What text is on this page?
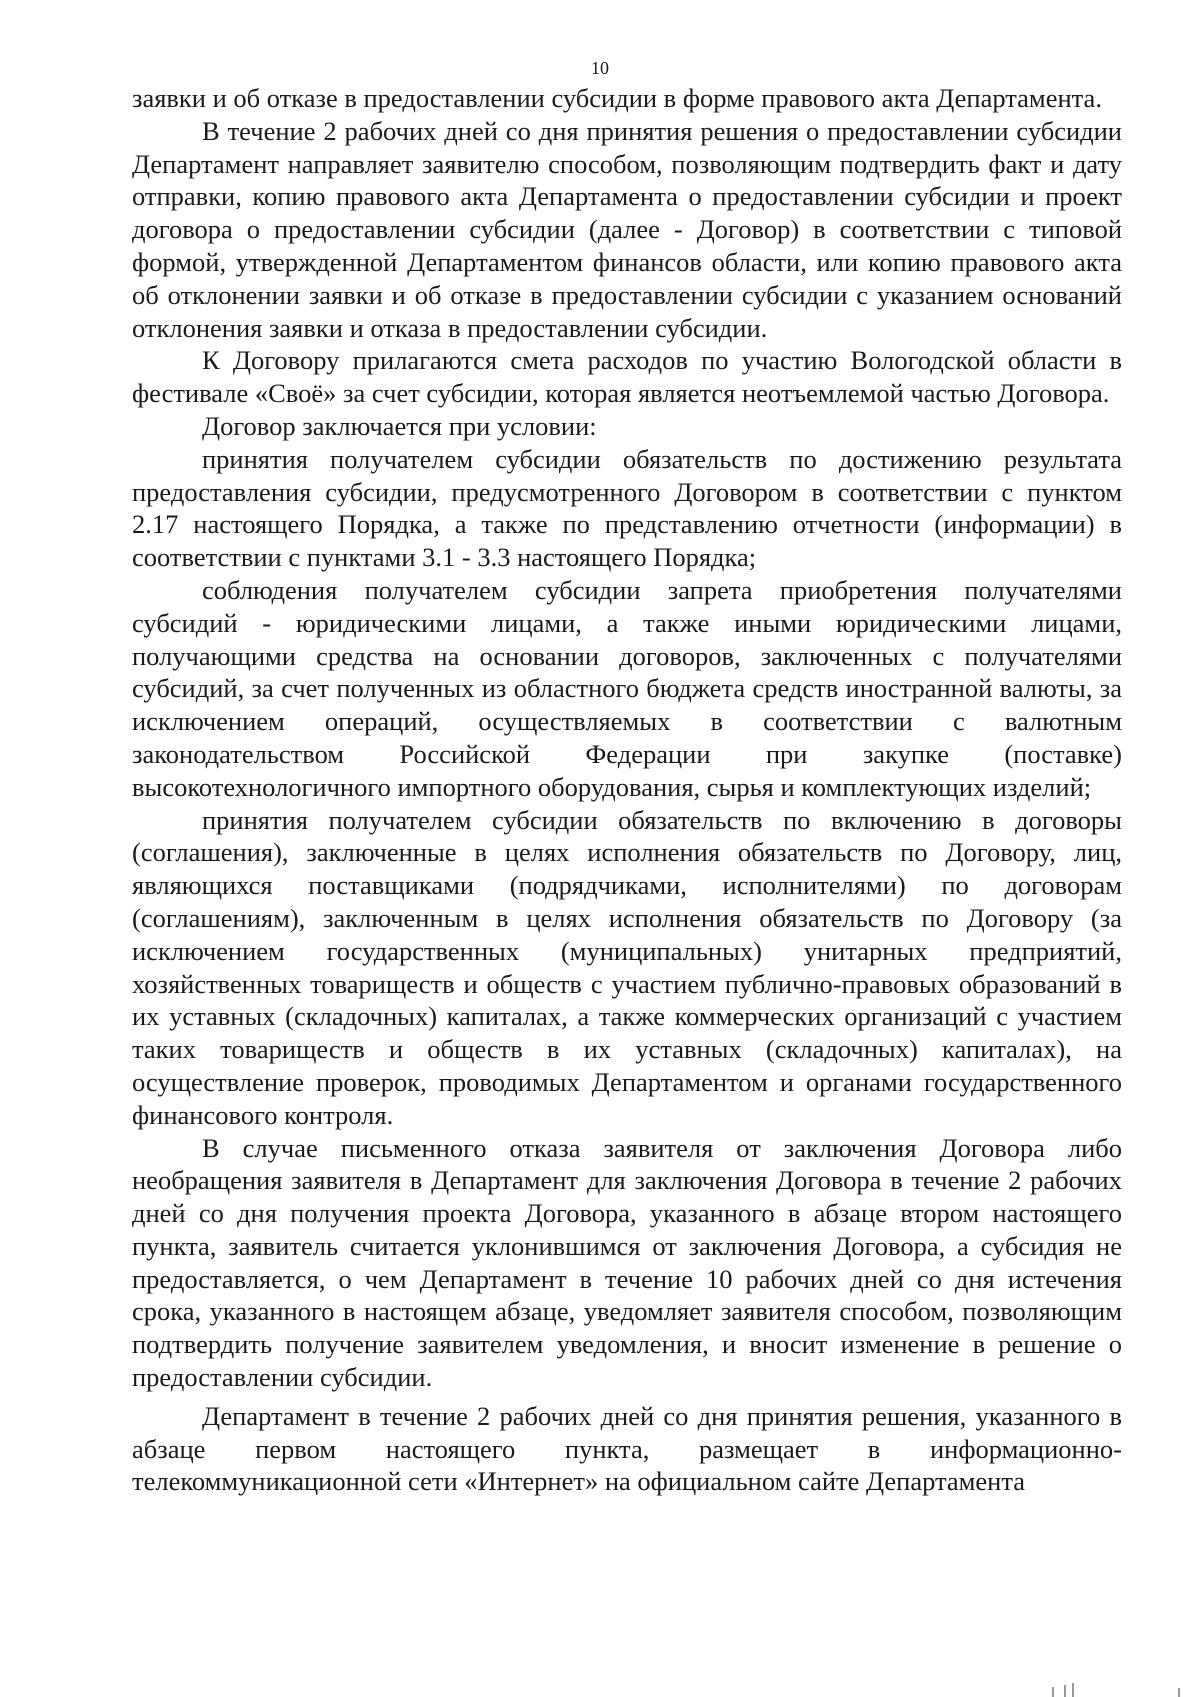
10

заявки и об отказе в предоставлении субсидии в форме правового акта Департамента.

В течение 2 рабочих дней со дня принятия решения о предоставлении субсидии Департамент направляет заявителю способом, позволяющим подтвердить факт и дату отправки, копию правового акта Департамента о предоставлении субсидии и проект договора о предоставлении субсидии (далее - Договор) в соответствии с типовой формой, утвержденной Департаментом финансов области, или копию правового акта об отклонении заявки и об отказе в предоставлении субсидии с указанием оснований отклонения заявки и отказа в предоставлении субсидии.

К Договору прилагаются смета расходов по участию Вологодской области в фестивале «Своё» за счет субсидии, которая является неотъемлемой частью Договора.

Договор заключается при условии:

принятия получателем субсидии обязательств по достижению результата предоставления субсидии, предусмотренного Договором в соответствии с пунктом 2.17 настоящего Порядка, а также по представлению отчетности (информации) в соответствии с пунктами 3.1 - 3.3 настоящего Порядка;

соблюдения получателем субсидии запрета приобретения получателями субсидий - юридическими лицами, а также иными юридическими лицами, получающими средства на основании договоров, заключенных с получателями субсидий, за счет полученных из областного бюджета средств иностранной валюты, за исключением операций, осуществляемых в соответствии с валютным законодательством Российской Федерации при закупке (поставке) высокотехнологичного импортного оборудования, сырья и комплектующих изделий;

принятия получателем субсидии обязательств по включению в договоры (соглашения), заключенные в целях исполнения обязательств по Договору, лиц, являющихся поставщиками (подрядчиками, исполнителями) по договорам (соглашениям), заключенным в целях исполнения обязательств по Договору (за исключением государственных (муниципальных) унитарных предприятий, хозяйственных товариществ и обществ с участием публично-правовых образований в их уставных (складочных) капиталах, а также коммерческих организаций с участием таких товариществ и обществ в их уставных (складочных) капиталах), на осуществление проверок, проводимых Департаментом и органами государственного финансового контроля.

В случае письменного отказа заявителя от заключения Договора либо необращения заявителя в Департамент для заключения Договора в течение 2 рабочих дней со дня получения проекта Договора, указанного в абзаце втором настоящего пункта, заявитель считается уклонившимся от заключения Договора, а субсидия не предоставляется, о чем Департамент в течение 10 рабочих дней со дня истечения срока, указанного в настоящем абзаце, уведомляет заявителя способом, позволяющим подтвердить получение заявителем уведомления, и вносит изменение в решение о предоставлении субсидии.

Департамент в течение 2 рабочих дней со дня принятия решения, указанного в абзаце первом настоящего пункта, размещает в информационно-телекоммуникационной сети «Интернет» на официальном сайте Департамента
